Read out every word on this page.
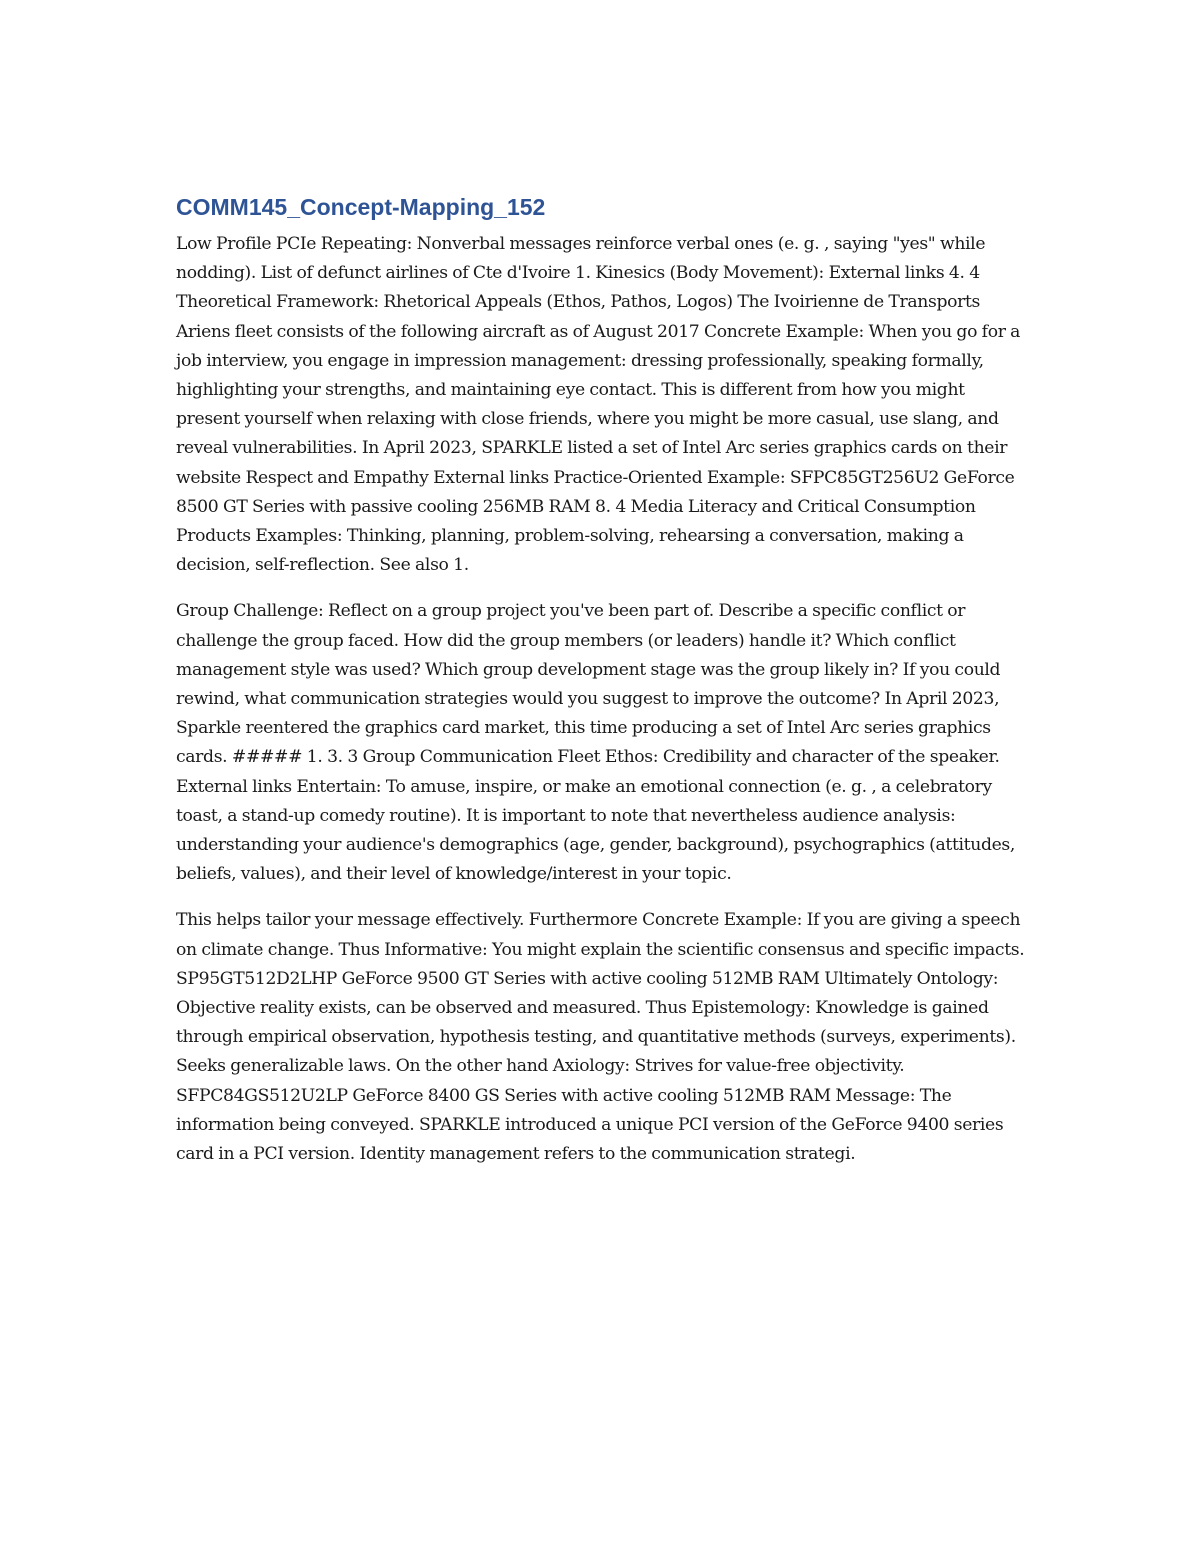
COMM145_Concept-Mapping_152

Low Profile PCIe Repeating: Nonverbal messages reinforce verbal ones (e. g. , saying "yes" while nodding). List of defunct airlines of Cte d'Ivoire 1. Kinesics (Body Movement): External links 4. 4 Theoretical Framework: Rhetorical Appeals (Ethos, Pathos, Logos) The Ivoirienne de Transports Ariens fleet consists of the following aircraft as of August 2017 Concrete Example: When you go for a job interview, you engage in impression management: dressing professionally, speaking formally, highlighting your strengths, and maintaining eye contact. This is different from how you might present yourself when relaxing with close friends, where you might be more casual, use slang, and reveal vulnerabilities. In April 2023, SPARKLE listed a set of Intel Arc series graphics cards on their website Respect and Empathy External links Practice-Oriented Example: SFPC85GT256U2 GeForce 8500 GT Series with passive cooling 256MB RAM 8. 4 Media Literacy and Critical Consumption Products Examples: Thinking, planning, problem-solving, rehearsing a conversation, making a decision, self-reflection. See also 1.

Group Challenge: Reflect on a group project you've been part of. Describe a specific conflict or challenge the group faced. How did the group members (or leaders) handle it? Which conflict management style was used? Which group development stage was the group likely in? If you could rewind, what communication strategies would you suggest to improve the outcome? In April 2023, Sparkle reentered the graphics card market, this time producing a set of Intel Arc series graphics cards. ##### 1. 3. 3 Group Communication Fleet Ethos: Credibility and character of the speaker. External links Entertain: To amuse, inspire, or make an emotional connection (e. g. , a celebratory toast, a stand-up comedy routine). It is important to note that nevertheless audience analysis: understanding your audience's demographics (age, gender, background), psychographics (attitudes, beliefs, values), and their level of knowledge/interest in your topic.

This helps tailor your message effectively. Furthermore Concrete Example: If you are giving a speech on climate change. Thus Informative: You might explain the scientific consensus and specific impacts. SP95GT512D2LHP GeForce 9500 GT Series with active cooling 512MB RAM Ultimately Ontology: Objective reality exists, can be observed and measured. Thus Epistemology: Knowledge is gained through empirical observation, hypothesis testing, and quantitative methods (surveys, experiments). Seeks generalizable laws. On the other hand Axiology: Strives for value-free objectivity. SFPC84GS512U2LP GeForce 8400 GS Series with active cooling 512MB RAM Message: The information being conveyed. SPARKLE introduced a unique PCI version of the GeForce 9400 series card in a PCI version. Identity management refers to the communication strategi.
